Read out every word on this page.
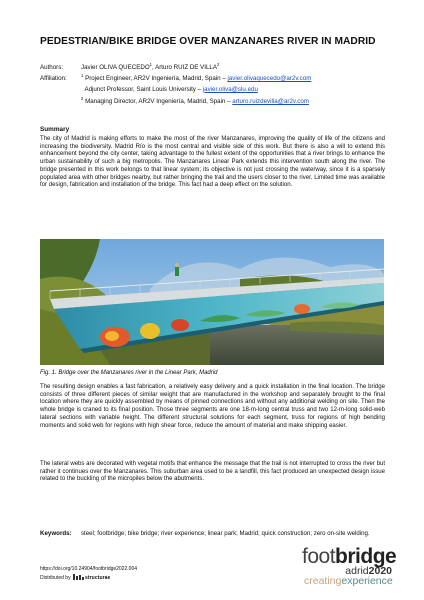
PEDESTRIAN/BIKE BRIDGE OVER MANZANARES RIVER IN MADRID
Authors:	Javier OLIVA QUECEDO$^1$, Arturo RUIZ DE VILLA$^2$
Affiliation:	$^1$ Project Engineer, AR2V Ingeniería, Madrid, Spain – javier.olivaquecedo@ar2v.com
Adjunct Professor, Saint Louis University – javier.oliva@slu.edu
$^2$ Managing Director, AR2V Ingeniería, Madrid, Spain – arturo.ruizdevilla@ar2v.com
Summary

The city of Madrid is making efforts to make the most of the river Manzanares, improving the quality of life of the citizens and increasing the biodiversity. Madrid Río is the most central and visible side of this work. But there is also a will to extend this enhancement beyond the city center, taking advantage to the fullest extent of the opportunities that a river brings to enhance the urban sustainability of such a big metropolis. The Manzanares Linear Park extends this intervention south along the river. The bridge presented in this work belongs to that linear system; its objective is not just crossing the waterway, since it is a sparsely populated area with other bridges nearby, but rather bringing the trail and the users closer to the river. Limited time was available for design, fabrication and installation of the bridge. This fact had a deep effect on the solution.

Fig. 1. Bridge over the Manzanares river in the Linear Park, Madrid

The resulting design enables a fast fabrication, a relatively easy delivery and a quick installation in the final location. The bridge consists of three different pieces of similar weight that are manufactured in the workshop and separately brought to the final location where they are quickly assembled by means of pinned connections and without any additional welding on site. Then the whole bridge is craned to its final position. Those three segments are one 18-m-long central truss and two 12-m-long solid-web lateral sections with variable height. The different structural solutions for each segment, truss for regions of high bending moments and solid web for regions with high shear force, reduce the amount of material and make shipping easier.

The lateral webs are decorated with vegetal motifs that enhance the message that the trail is not interrupted to cross the river but rather it continues over the Manzanares. This suburban area used to be a landfill, this fact produced an unexpected design issue related to the buckling of the micropiles below the abutments.

Keywords: steel; footbridge; bike bridge; river experience; linear park; Madrid; quick construction; zero on-site welding.
https://doi.org/10.24904/footbridge2022.004
Distributed by	structurae
footbridge
adrid2020
creatingexperience
